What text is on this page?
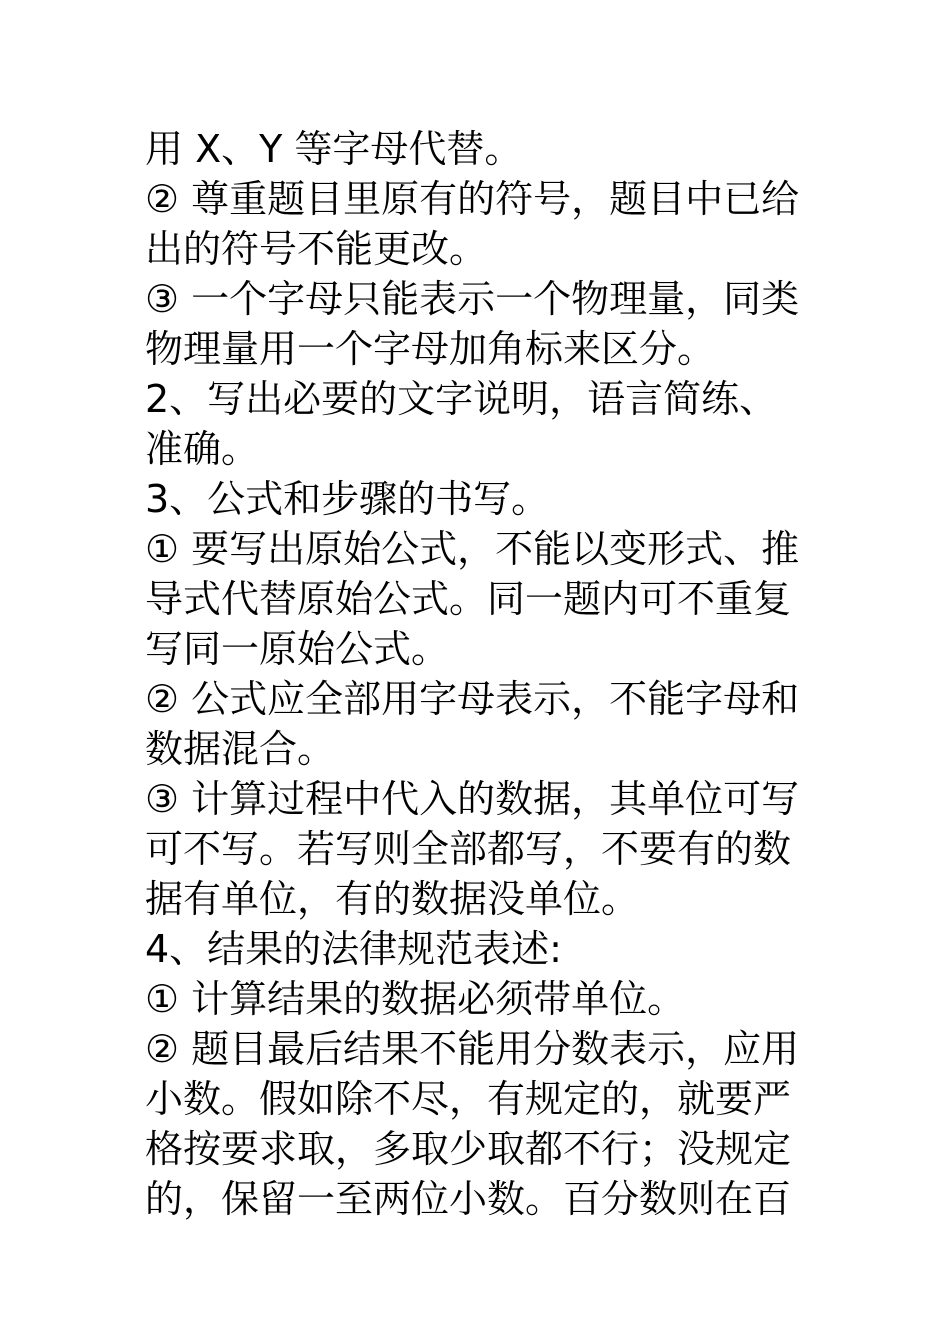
用 X、Y 等字母代替。
② 尊重题目里原有的符号，题目中已给
出的符号不能更改。
③ 一个字母只能表示一个物理量，同类
物理量用一个字母加角标来区分。
2、写出必要的文字说明，语言简练、
准确。
3、公式和步骤的书写。
① 要写出原始公式，不能以变形式、推
导式代替原始公式。同一题内可不重复
写同一原始公式。
② 公式应全部用字母表示，不能字母和
数据混合。
③ 计算过程中代入的数据，其单位可写
可不写。若写则全部都写，不要有的数
据有单位，有的数据没单位。
4、结果的法律规范表述:
① 计算结果的数据必须带单位。
② 题目最后结果不能用分数表示，应用
小数。假如除不尽，有规定的，就要严
格按要求取，多取少取都不行；没规定
的，保留一至两位小数。百分数则在百
